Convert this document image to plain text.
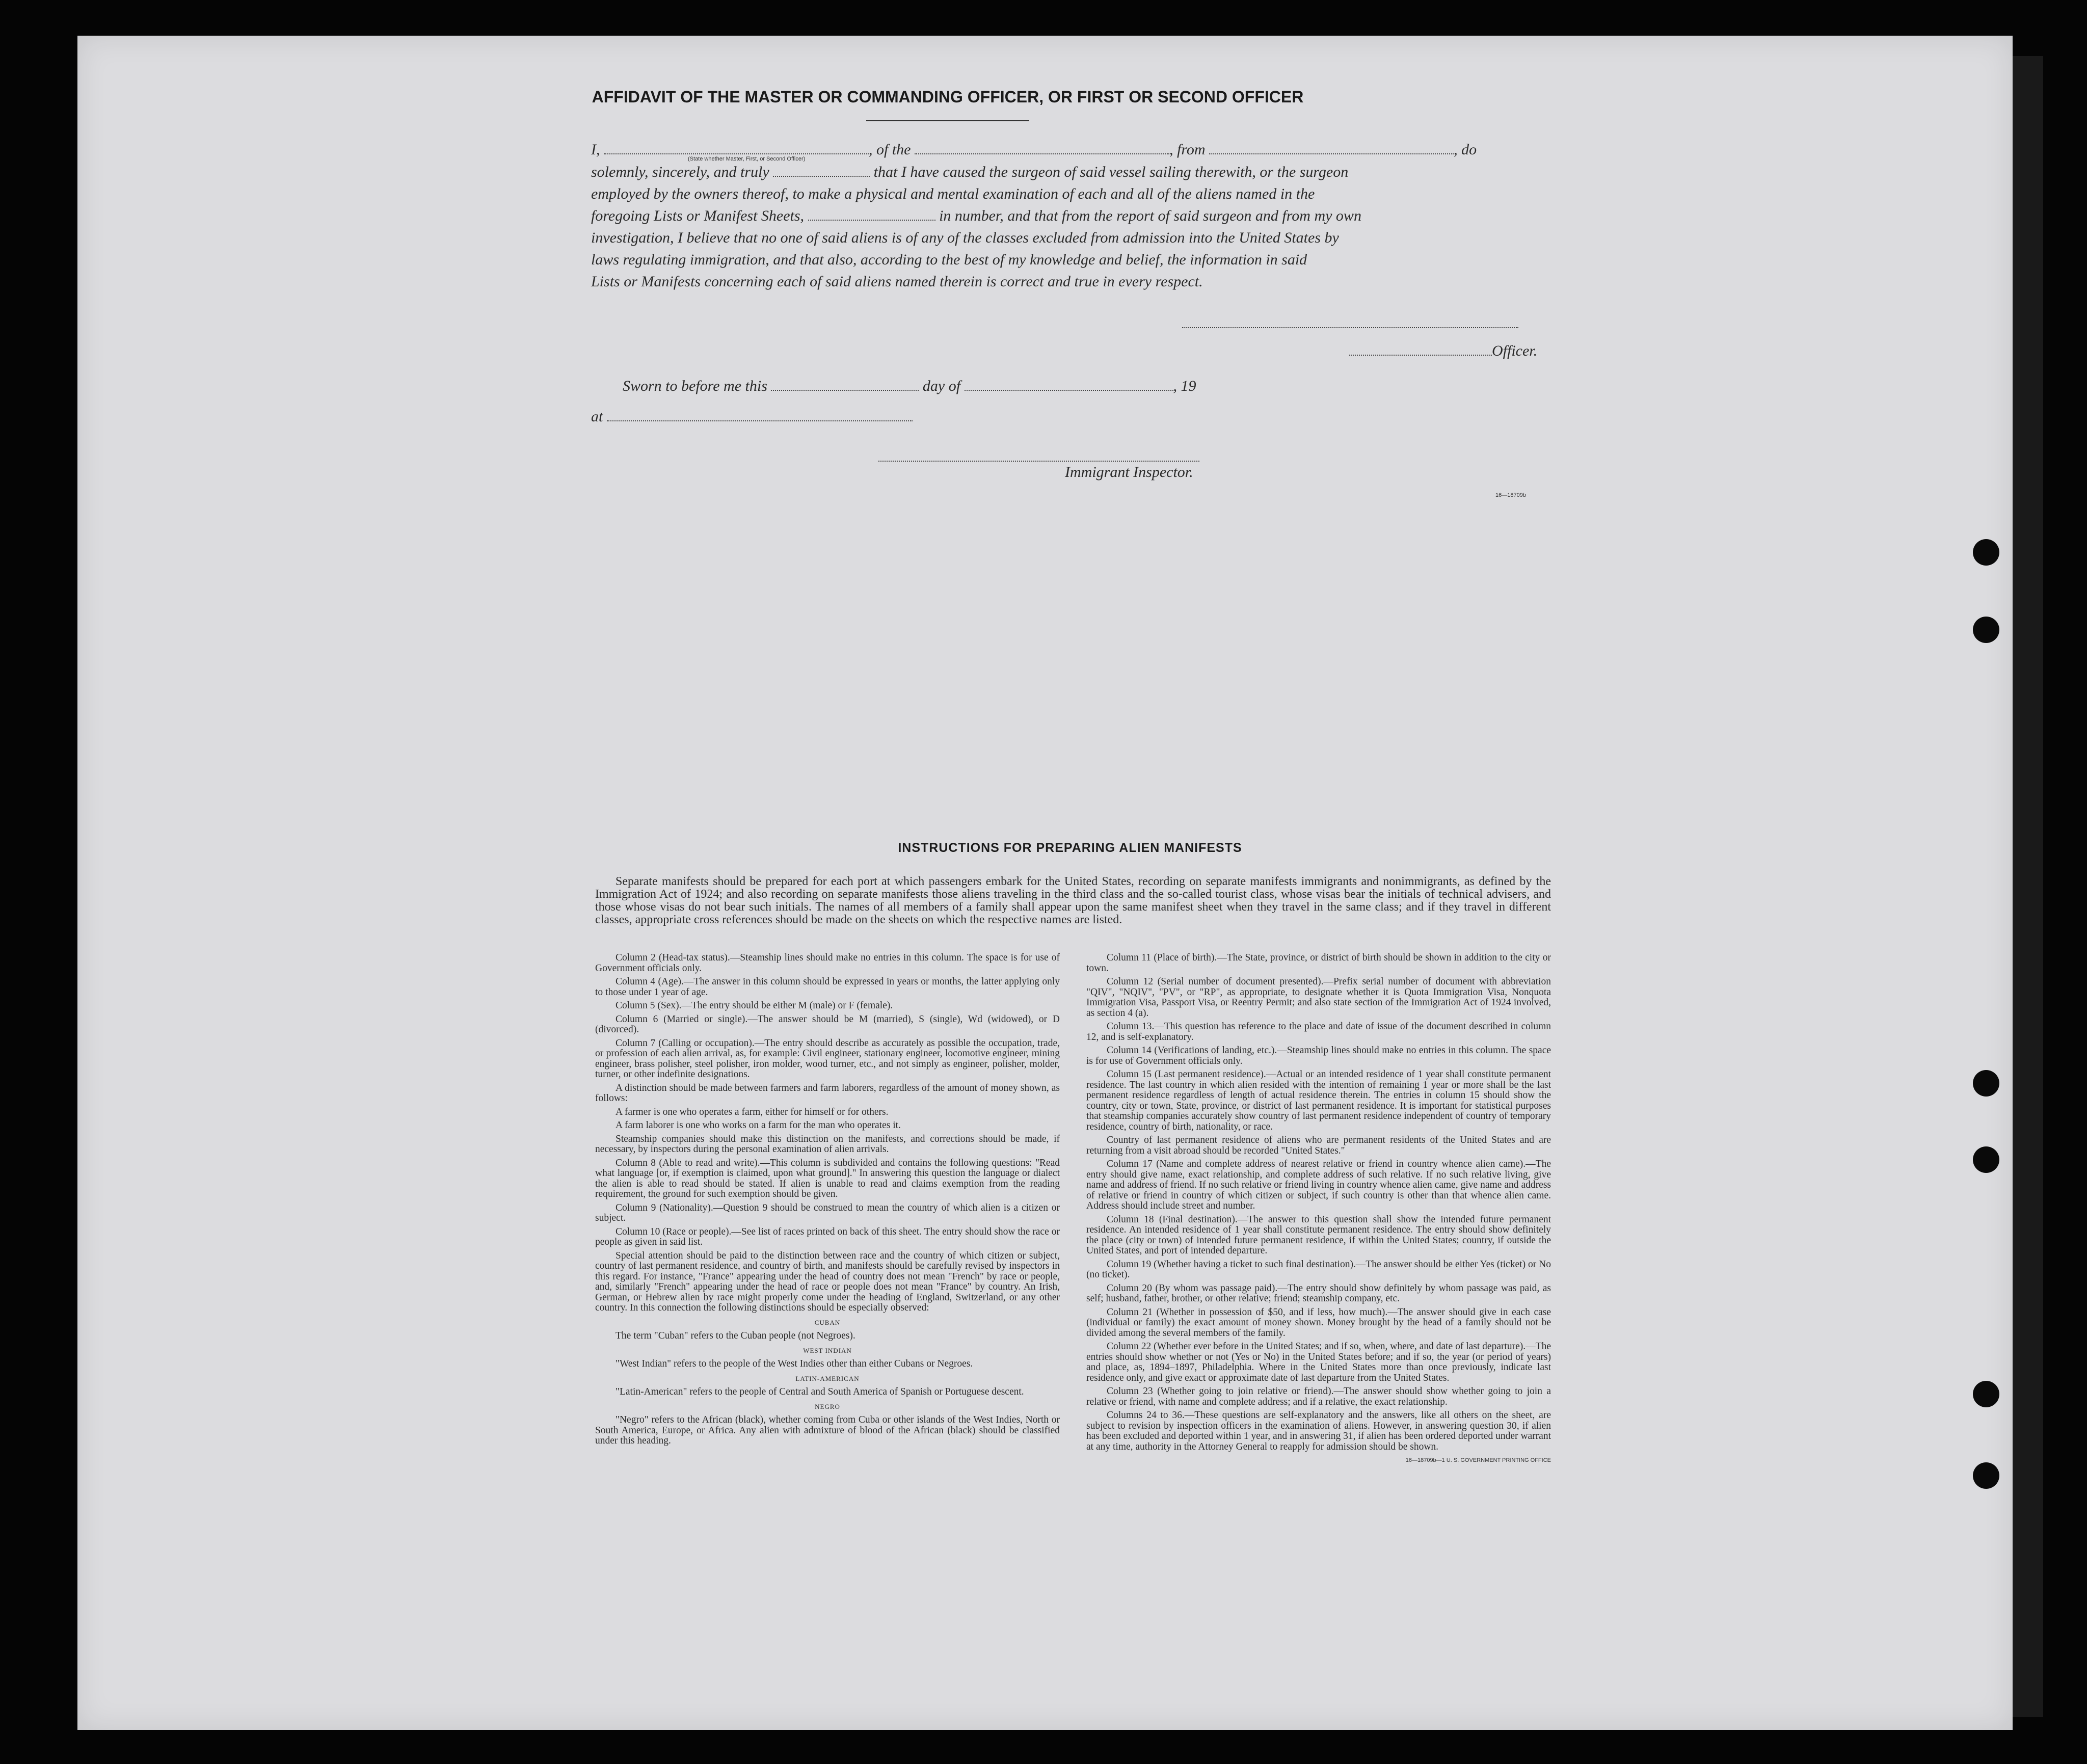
AFFIDAVIT OF THE MASTER OR COMMANDING OFFICER, OR FIRST OR SECOND OFFICER
I,	, of the	, from	, do
(State whether Master, First, or Second Officer)
solemnly, sincerely, and truly	that I have caused the surgeon of said vessel sailing therewith, or the surgeon
employed by the owners thereof, to make a physical and mental examination of each and all of the aliens named in the
foregoing Lists or Manifest Sheets,	in number, and that from the report of said surgeon and from my own
investigation, I believe that no one of said aliens is of any of the classes excluded from admission into the United States by
laws regulating immigration, and that also, according to the best of my knowledge and belief, the information in said
Lists or Manifests concerning each of said aliens named therein is correct and true in every respect.
Officer.
Sworn to before me this	day of	, 19
at
Immigrant Inspector.
16—18709b
INSTRUCTIONS FOR PREPARING ALIEN MANIFESTS
Separate manifests should be prepared for each port at which passengers embark for the United States, recording on separate manifests immigrants and nonimmigrants, as defined by the Immigration Act of 1924; and also recording on separate manifests those aliens traveling in the third class and the so-called tourist class, whose visas bear the initials of technical advisers, and those whose visas do not bear such initials. The names of all members of a family shall appear upon the same manifest sheet when they travel in the same class; and if they travel in different classes, appropriate cross references should be made on the sheets on which the respective names are listed.

Column 2 (Head-tax status).—Steamship lines should make no entries in this column. The space is for use of Government officials only.

Column 4 (Age).—The answer in this column should be expressed in years or months, the latter applying only to those under 1 year of age.

Column 5 (Sex).—The entry should be either M (male) or F (female).

Column 6 (Married or single).—The answer should be M (married), S (single), Wd (widowed), or D (divorced).

Column 7 (Calling or occupation).—The entry should describe as accurately as possible the occupation, trade, or profession of each alien arrival, as, for example: Civil engineer, stationary engineer, locomotive engineer, mining engineer, brass polisher, steel polisher, iron molder, wood turner, etc., and not simply as engineer, polisher, molder, turner, or other indefinite designations.

A distinction should be made between farmers and farm laborers, regardless of the amount of money shown, as follows:

A farmer is one who operates a farm, either for himself or for others.

A farm laborer is one who works on a farm for the man who operates it.

Steamship companies should make this distinction on the manifests, and corrections should be made, if necessary, by inspectors during the personal examination of alien arrivals.

Column 8 (Able to read and write).—This column is subdivided and contains the following questions: "Read what language [or, if exemption is claimed, upon what ground]." In answering this question the language or dialect the alien is able to read should be stated. If alien is unable to read and claims exemption from the reading requirement, the ground for such exemption should be given.

Column 9 (Nationality).—Question 9 should be construed to mean the country of which alien is a citizen or subject.

Column 10 (Race or people).—See list of races printed on back of this sheet. The entry should show the race or people as given in said list.

Special attention should be paid to the distinction between race and the country of which citizen or subject, country of last permanent residence, and country of birth, and manifests should be carefully revised by inspectors in this regard. For instance, "France" appearing under the head of country does not mean "French" by race or people, and, similarly "French" appearing under the head of race or people does not mean "France" by country. An Irish, German, or Hebrew alien by race might properly come under the heading of England, Switzerland, or any other country. In this connection the following distinctions should be especially observed:

CUBAN

The term "Cuban" refers to the Cuban people (not Negroes).

WEST INDIAN

"West Indian" refers to the people of the West Indies other than either Cubans or Negroes.

LATIN-AMERICAN

"Latin-American" refers to the people of Central and South America of Spanish or Portuguese descent.

NEGRO

"Negro" refers to the African (black), whether coming from Cuba or other islands of the West Indies, North or South America, Europe, or Africa. Any alien with admixture of blood of the African (black) should be classified under this heading.

Column 11 (Place of birth).—The State, province, or district of birth should be shown in addition to the city or town.

Column 12 (Serial number of document presented).—Prefix serial number of document with abbreviation "QIV", "NQIV", "PV", or "RP", as appropriate, to designate whether it is Quota Immigration Visa, Nonquota Immigration Visa, Passport Visa, or Reentry Permit; and also state section of the Immigration Act of 1924 involved, as section 4 (a).

Column 13.—This question has reference to the place and date of issue of the document described in column 12, and is self-explanatory.

Column 14 (Verifications of landing, etc.).—Steamship lines should make no entries in this column. The space is for use of Government officials only.

Column 15 (Last permanent residence).—Actual or an intended residence of 1 year shall constitute permanent residence. The last country in which alien resided with the intention of remaining 1 year or more shall be the last permanent residence regardless of length of actual residence therein. The entries in column 15 should show the country, city or town, State, province, or district of last permanent residence. It is important for statistical purposes that steamship companies accurately show country of last permanent residence independent of country of temporary residence, country of birth, nationality, or race.

Country of last permanent residence of aliens who are permanent residents of the United States and are returning from a visit abroad should be recorded "United States."

Column 17 (Name and complete address of nearest relative or friend in country whence alien came).—The entry should give name, exact relationship, and complete address of such relative. If no such relative living, give name and address of friend. If no such relative or friend living in country whence alien came, give name and address of relative or friend in country of which citizen or subject, if such country is other than that whence alien came. Address should include street and number.

Column 18 (Final destination).—The answer to this question shall show the intended future permanent residence. An intended residence of 1 year shall constitute permanent residence. The entry should show definitely the place (city or town) of intended future permanent residence, if within the United States; country, if outside the United States, and port of intended departure.

Column 19 (Whether having a ticket to such final destination).—The answer should be either Yes (ticket) or No (no ticket).

Column 20 (By whom was passage paid).—The entry should show definitely by whom passage was paid, as self; husband, father, brother, or other relative; friend; steamship company, etc.

Column 21 (Whether in possession of $50, and if less, how much).—The answer should give in each case (individual or family) the exact amount of money shown. Money brought by the head of a family should not be divided among the several members of the family.

Column 22 (Whether ever before in the United States; and if so, when, where, and date of last departure).—The entries should show whether or not (Yes or No) in the United States before; and if so, the year (or period of years) and place, as, 1894–1897, Philadelphia. Where in the United States more than once previously, indicate last residence only, and give exact or approximate date of last departure from the United States.

Column 23 (Whether going to join relative or friend).—The answer should show whether going to join a relative or friend, with name and complete address; and if a relative, the exact relationship.

Columns 24 to 36.—These questions are self-explanatory and the answers, like all others on the sheet, are subject to revision by inspection officers in the examination of aliens. However, in answering question 30, if alien has been excluded and deported within 1 year, and in answering 31, if alien has been ordered deported under warrant at any time, authority in the Attorney General to reapply for admission should be shown.

16—18709b—1 U. S. GOVERNMENT PRINTING OFFICE
